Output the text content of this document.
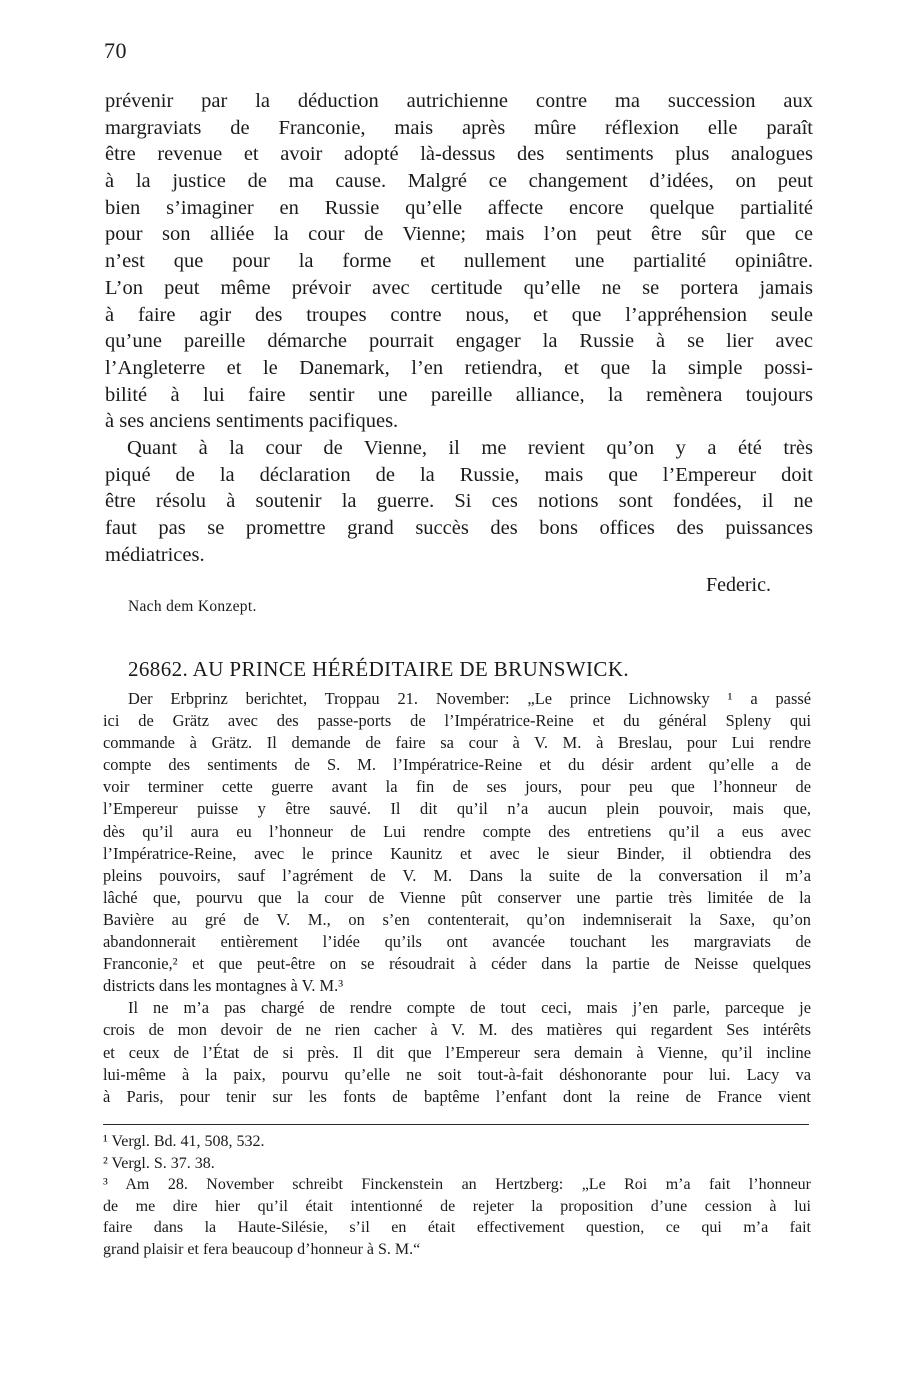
70
prévenir par la déduction autrichienne contre ma succession aux
margraviats de Franconie, mais après mûre réflexion elle paraît
être revenue et avoir adopté là-dessus des sentiments plus analogues
à la justice de ma cause. Malgré ce changement d’idées, on peut
bien s’imaginer en Russie qu’elle affecte encore quelque partialité
pour son alliée la cour de Vienne; mais l’on peut être sûr que ce
n’est que pour la forme et nullement une partialité opiniâtre.
L’on peut même prévoir avec certitude qu’elle ne se portera jamais
à faire agir des troupes contre nous, et que l’appréhension seule
qu’une pareille démarche pourrait engager la Russie à se lier avec
l’Angleterre et le Danemark, l’en retiendra, et que la simple possi-
bilité à lui faire sentir une pareille alliance, la remènera toujours
à ses anciens sentiments pacifiques.
Quant à la cour de Vienne, il me revient qu’on y a été très
piqué de la déclaration de la Russie, mais que l’Empereur doit
être résolu à soutenir la guerre. Si ces notions sont fondées, il ne
faut pas se promettre grand succès des bons offices des puissances
médiatrices.
Federic.
Nach dem Konzept.
26862. AU PRINCE HÉRÉDITAIRE DE BRUNSWICK.
Der Erbprinz berichtet, Troppau 21. November: „Le prince Lichnowsky ¹ a passé
ici de Grätz avec des passe-ports de l’Impératrice-Reine et du général Spleny qui
commande à Grätz. Il demande de faire sa cour à V. M. à Breslau, pour Lui rendre
compte des sentiments de S. M. l’Impératrice-Reine et du désir ardent qu’elle a de
voir terminer cette guerre avant la fin de ses jours, pour peu que l’honneur de
l’Empereur puisse y être sauvé. Il dit qu’il n’a aucun plein pouvoir, mais que,
dès qu’il aura eu l’honneur de Lui rendre compte des entretiens qu’il a eus avec
l’Impératrice-Reine, avec le prince Kaunitz et avec le sieur Binder, il obtiendra des
pleins pouvoirs, sauf l’agrément de V. M. Dans la suite de la conversation il m’a
lâché que, pourvu que la cour de Vienne pût conserver une partie très limitée de la
Bavière au gré de V. M., on s’en contenterait, qu’on indemniserait la Saxe, qu’on
abandonnerait entièrement l’idée qu’ils ont avancée touchant les margraviats de
Franconie,² et que peut-être on se résoudrait à céder dans la partie de Neisse quelques
districts dans les montagnes à V. M.³
Il ne m’a pas chargé de rendre compte de tout ceci, mais j’en parle, parceque je
crois de mon devoir de ne rien cacher à V. M. des matières qui regardent Ses intérêts
et ceux de l’État de si près. Il dit que l’Empereur sera demain à Vienne, qu’il incline
lui-même à la paix, pourvu qu’elle ne soit tout-à-fait déshonorante pour lui. Lacy va
à Paris, pour tenir sur les fonts de baptême l’enfant dont la reine de France vient
¹ Vergl. Bd. 41, 508, 532.
² Vergl. S. 37. 38.
³ Am 28. November schreibt Finckenstein an Hertzberg: „Le Roi m’a fait l’honneur
de me dire hier qu’il était intentionné de rejeter la proposition d’une cession à lui
faire dans la Haute-Silésie, s’il en était effectivement question, ce qui m’a fait
grand plaisir et fera beaucoup d’honneur à S. M.“
